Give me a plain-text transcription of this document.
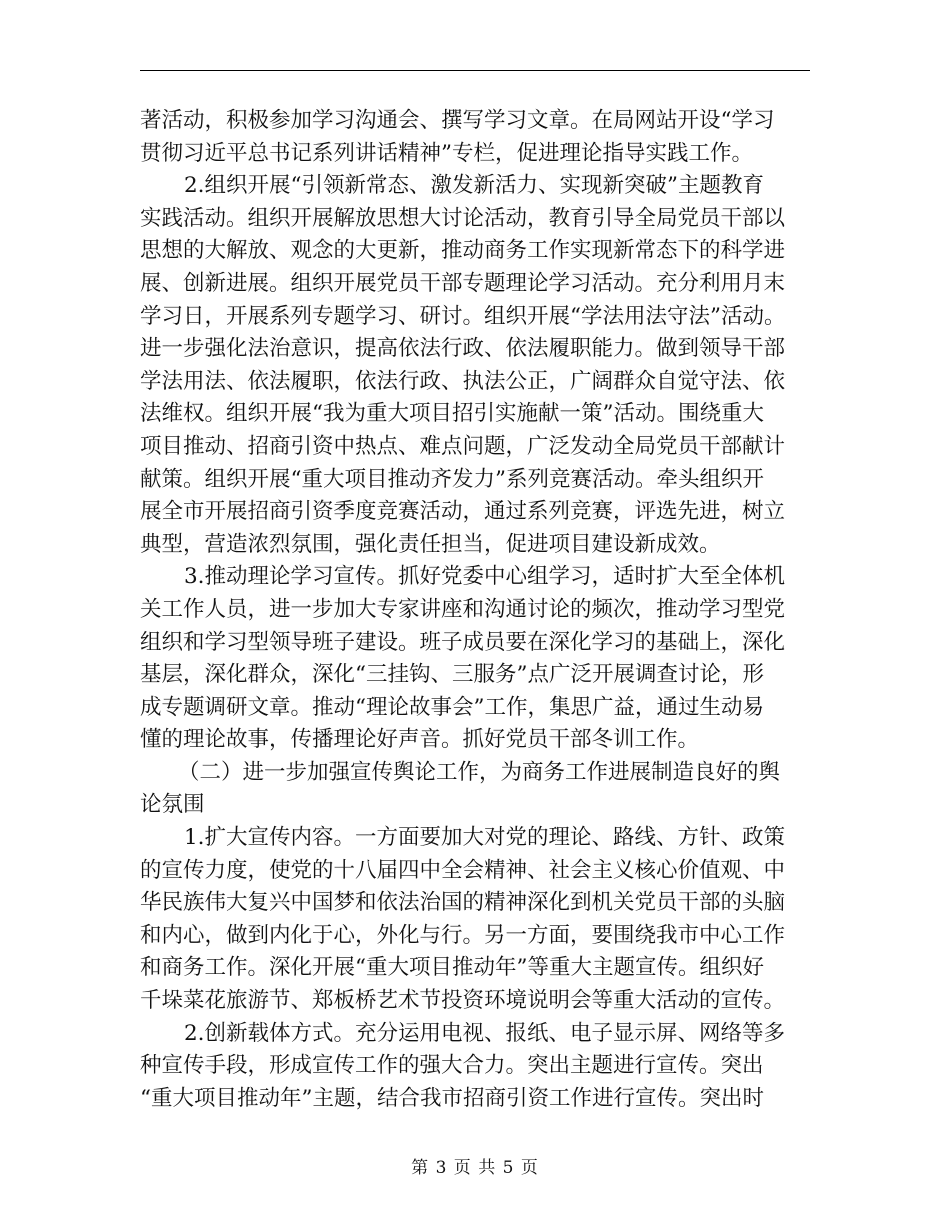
著活动，积极参加学习沟通会、撰写学习文章。在局网站开设“学习
贯彻习近平总书记系列讲话精神”专栏，促进理论指导实践工作。
2.组织开展“引领新常态、激发新活力、实现新突破”主题教育
实践活动。组织开展解放思想大讨论活动，教育引导全局党员干部以
思想的大解放、观念的大更新，推动商务工作实现新常态下的科学进
展、创新进展。组织开展党员干部专题理论学习活动。充分利用月末
学习日，开展系列专题学习、研讨。组织开展“学法用法守法”活动。
进一步强化法治意识，提高依法行政、依法履职能力。做到领导干部
学法用法、依法履职，依法行政、执法公正，广阔群众自觉守法、依
法维权。组织开展“我为重大项目招引实施献一策”活动。围绕重大
项目推动、招商引资中热点、难点问题，广泛发动全局党员干部献计
献策。组织开展“重大项目推动齐发力”系列竞赛活动。牵头组织开
展全市开展招商引资季度竞赛活动，通过系列竞赛，评选先进，树立
典型，营造浓烈氛围，强化责任担当，促进项目建设新成效。
3.推动理论学习宣传。抓好党委中心组学习，适时扩大至全体机
关工作人员，进一步加大专家讲座和沟通讨论的频次，推动学习型党
组织和学习型领导班子建设。班子成员要在深化学习的基础上，深化
基层，深化群众，深化“三挂钩、三服务”点广泛开展调查讨论，形
成专题调研文章。推动“理论故事会”工作，集思广益，通过生动易
懂的理论故事，传播理论好声音。抓好党员干部冬训工作。
（二）进一步加强宣传舆论工作，为商务工作进展制造良好的舆
论氛围
1.扩大宣传内容。一方面要加大对党的理论、路线、方针、政策
的宣传力度，使党的十八届四中全会精神、社会主义核心价值观、中
华民族伟大复兴中国梦和依法治国的精神深化到机关党员干部的头脑
和内心，做到内化于心，外化与行。另一方面，要围绕我市中心工作
和商务工作。深化开展“重大项目推动年”等重大主题宣传。组织好
千垛菜花旅游节、郑板桥艺术节投资环境说明会等重大活动的宣传。
2.创新载体方式。充分运用电视、报纸、电子显示屏、网络等多
种宣传手段，形成宣传工作的强大合力。突出主题进行宣传。突出
“重大项目推动年”主题，结合我市招商引资工作进行宣传。突出时
第 3 页 共 5 页
